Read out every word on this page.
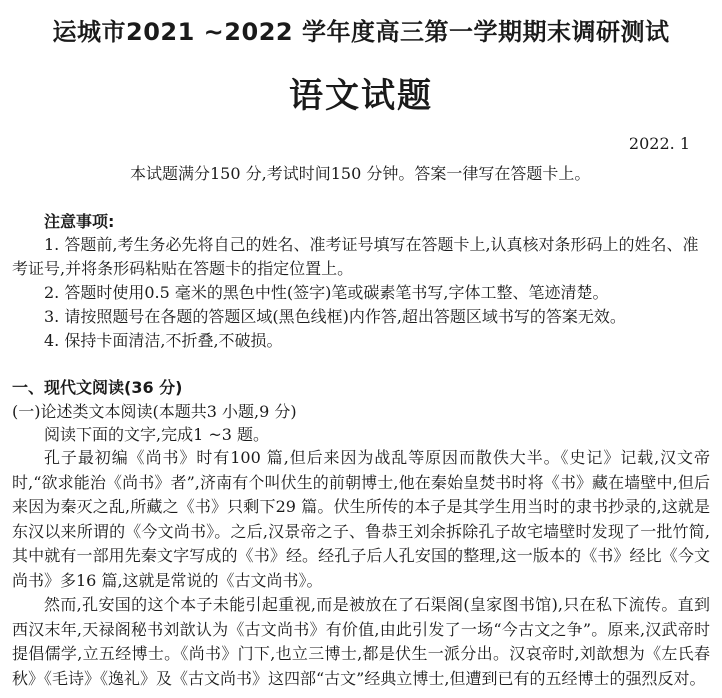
运城市2021 ~2022 学年度高三第一学期期末调研测试
语文试题
2022. 1
本试题满分150 分,考试时间150 分钟。答案一律写在答题卡上。
注意事项:
1. 答题前,考生务必先将自己的姓名、准考证号填写在答题卡上,认真核对条形码上的姓名、准考证号,并将条形码粘贴在答题卡的指定位置上。
2. 答题时使用0.5 毫米的黑色中性(签字)笔或碳素笔书写,字体工整、笔迹清楚。
3. 请按照题号在各题的答题区域(黑色线框)内作答,超出答题区域书写的答案无效。
4. 保持卡面清洁,不折叠,不破损。
一、现代文阅读(36 分)
(一)论述类文本阅读(本题共3 小题,9 分)
阅读下面的文字,完成1 ~3 题。

孔子最初编《尚书》时有100 篇,但后来因为战乱等原因而散佚大半。《史记》记载,汉文帝时,“欲求能治《尚书》者”,济南有个叫伏生的前朝博士,他在秦始皇焚书时将《书》藏在墙壁中,但后来因为秦灭之乱,所藏之《书》只剩下29 篇。伏生所传的本子是其学生用当时的隶书抄录的,这就是东汉以来所谓的《今文尚书》。之后,汉景帝之子、鲁恭王刘余拆除孔子故宅墙壁时发现了一批竹简,其中就有一部用先秦文字写成的《书》经。经孔子后人孔安国的整理,这一版本的《书》经比《今文尚书》多16 篇,这就是常说的《古文尚书》。

然而,孔安国的这个本子未能引起重视,而是被放在了石渠阁(皇家图书馆),只在私下流传。直到西汉末年,天禄阁秘书刘歆认为《古文尚书》有价值,由此引发了一场“今古文之争”。原来,汉武帝时提倡儒学,立五经博士。《尚书》门下,也立三博士,都是伏生一派分出。汉哀帝时,刘歆想为《左氏春秋》《毛诗》《逸礼》及《古文尚书》这四部“古文”经典立博士,但遭到已有的五经博士的强烈反对。
